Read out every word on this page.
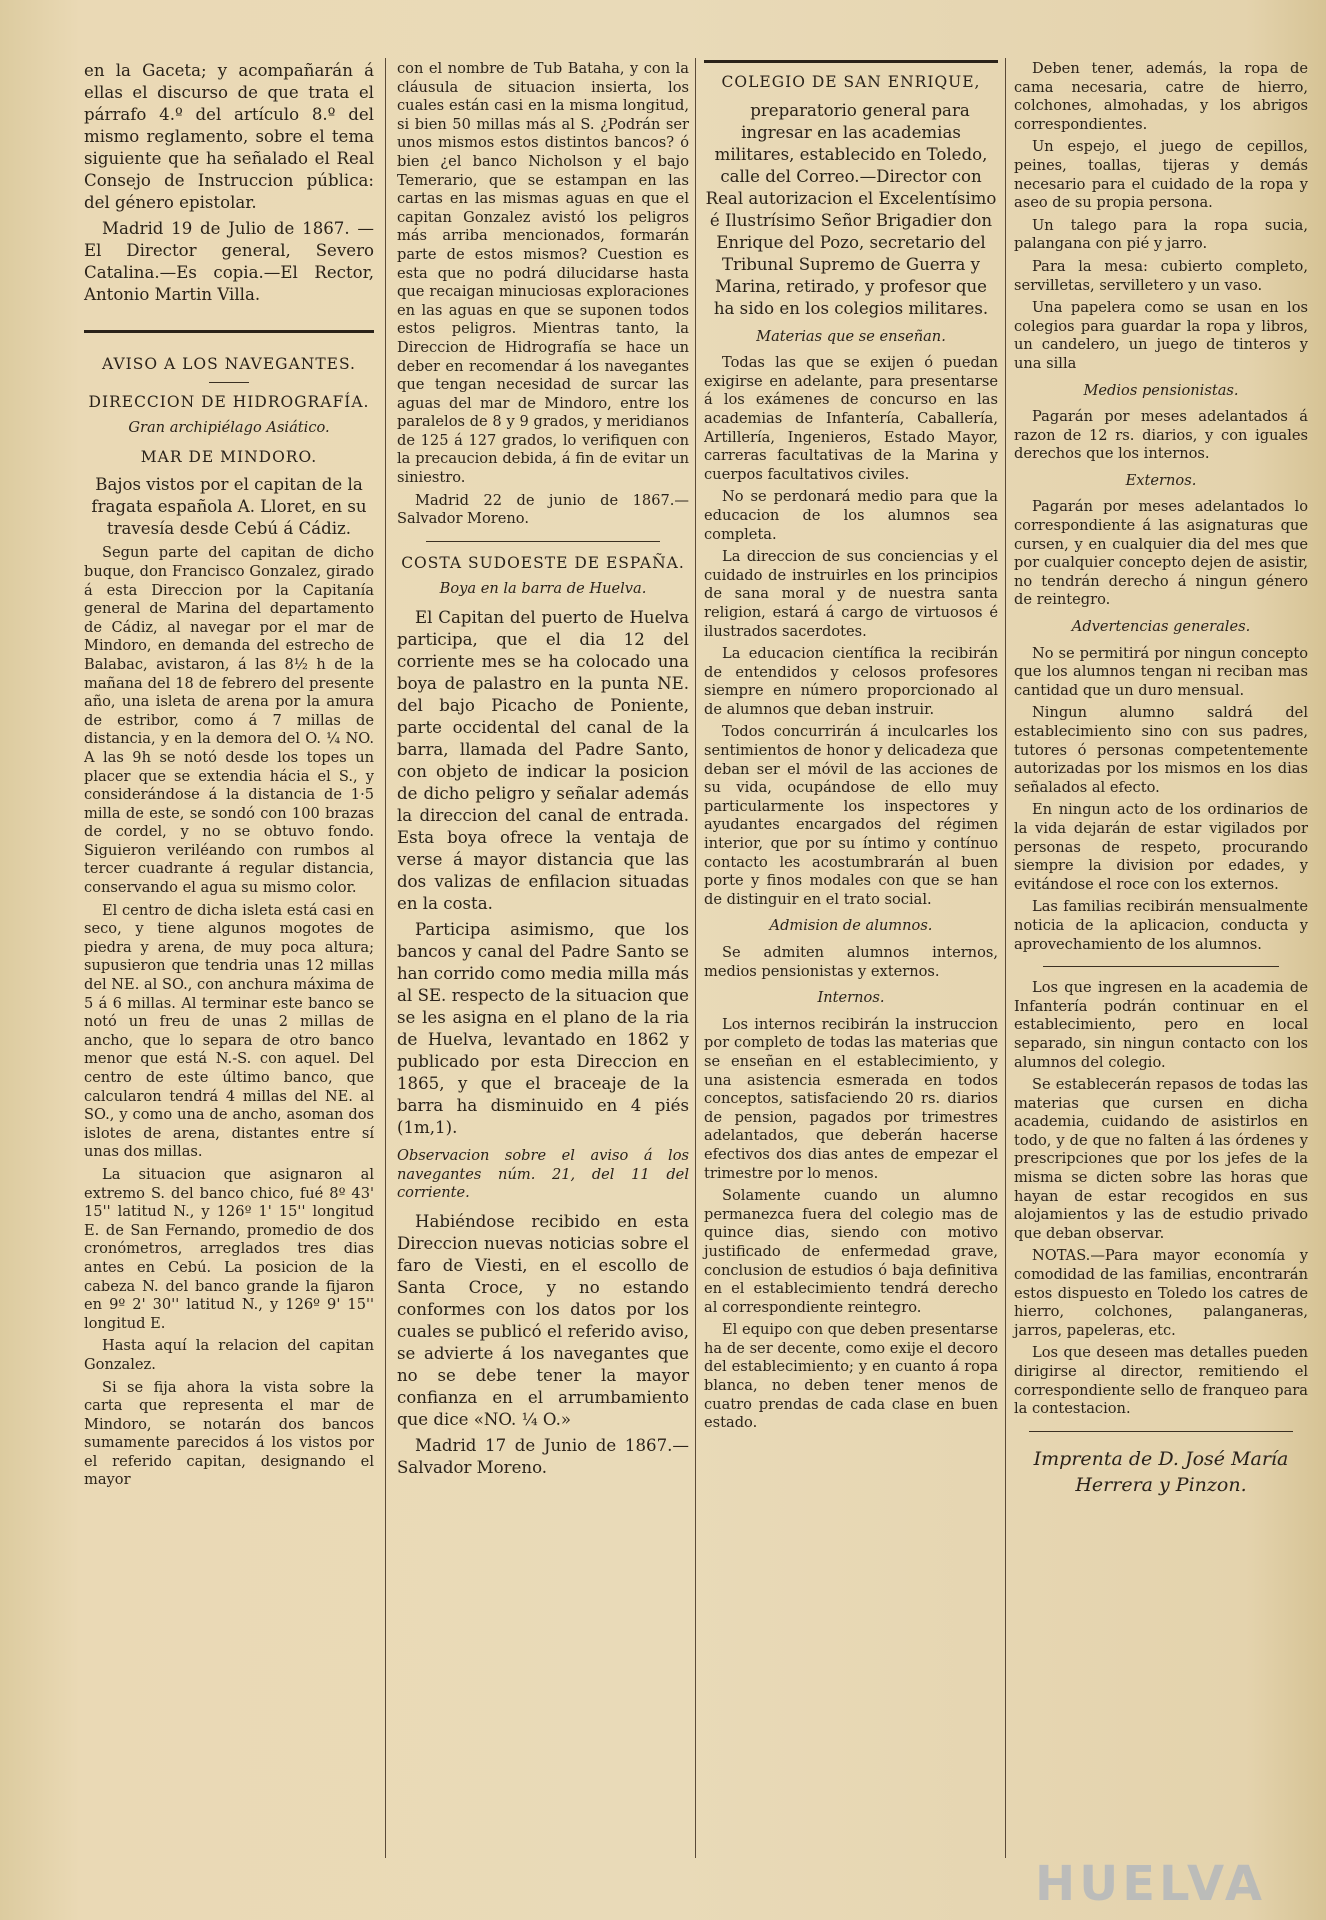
en la Gaceta; y acompañarán á ellas el discurso de que trata el párrafo 4.º del artículo 8.º del mismo reglamento, sobre el tema siguiente que ha señalado el Real Consejo de Instruccion pública: del género epistolar.

Madrid 19 de Julio de 1867. —El Director general, Severo Catalina.—Es copia.—El Rector, Antonio Martin Villa.

AVISO A LOS NAVEGANTES.
DIRECCION DE HIDROGRAFÍA.
Gran archipiélago Asiático.
MAR DE MINDORO.

Bajos vistos por el capitan de la fragata española A. Lloret, en su travesía desde Cebú á Cádiz.

Segun parte del capitan de dicho buque, don Francisco Gonzalez, girado á esta Direccion por la Capitanía general de Marina del departamento de Cádiz, al navegar por el mar de Mindoro, en demanda del estrecho de Balabac, avistaron, á las 8½ h de la mañana del 18 de febrero del presente año, una isleta de arena por la amura de estribor, como á 7 millas de distancia, y en la demora del O. ¼ NO. A las 9h se notó desde los topes un placer que se extendia hácia el S., y considerándose á la distancia de 1·5 milla de este, se sondó con 100 brazas de cordel, y no se obtuvo fondo. Siguieron veriléando con rumbos al tercer cuadrante á regular distancia, conservando el agua su mismo color.

El centro de dicha isleta está casi en seco, y tiene algunos mogotes de piedra y arena, de muy poca altura; supusieron que tendria unas 12 millas del NE. al SO., con anchura máxima de 5 á 6 millas. Al terminar este banco se notó un freu de unas 2 millas de ancho, que lo separa de otro banco menor que está N.-S. con aquel. Del centro de este último banco, que calcularon tendrá 4 millas del NE. al SO., y como una de ancho, asoman dos islotes de arena, distantes entre sí unas dos millas.

La situacion que asignaron al extremo S. del banco chico, fué 8º 43' 15'' latitud N., y 126º 1' 15'' longitud E. de San Fernando, promedio de dos cronómetros, arreglados tres dias antes en Cebú. La posicion de la cabeza N. del banco grande la fijaron en 9º 2' 30'' latitud N., y 126º 9' 15'' longitud E.

Hasta aquí la relacion del capitan Gonzalez.

Si se fija ahora la vista sobre la carta que representa el mar de Mindoro, se notarán dos bancos sumamente parecidos á los vistos por el referido capitan, designando el mayor

con el nombre de Tub Bataha, y con la cláusula de situacion insierta, los cuales están casi en la misma longitud, si bien 50 millas más al S. ¿Podrán ser unos mismos estos distintos bancos? ó bien ¿el banco Nicholson y el bajo Temerario, que se estampan en las cartas en las mismas aguas en que el capitan Gonzalez avistó los peligros más arriba mencionados, formarán parte de estos mismos? Cuestion es esta que no podrá dilucidarse hasta que recaigan minuciosas exploraciones en las aguas en que se suponen todos estos peligros. Mientras tanto, la Direccion de Hidrografía se hace un deber en recomendar á los navegantes que tengan necesidad de surcar las aguas del mar de Mindoro, entre los paralelos de 8 y 9 grados, y meridianos de 125 á 127 grados, lo verifiquen con la precaucion debida, á fin de evitar un siniestro.

Madrid 22 de junio de 1867.— Salvador Moreno.

COSTA SUDOESTE DE ESPAÑA.
Boya en la barra de Huelva.

El Capitan del puerto de Huelva participa, que el dia 12 del corriente mes se ha colocado una boya de palastro en la punta NE. del bajo Picacho de Poniente, parte occidental del canal de la barra, llamada del Padre Santo, con objeto de indicar la posicion de dicho peligro y señalar además la direccion del canal de entrada. Esta boya ofrece la ventaja de verse á mayor distancia que las dos valizas de enfilacion situadas en la costa.

Participa asimismo, que los bancos y canal del Padre Santo se han corrido como media milla más al SE. respecto de la situacion que se les asigna en el plano de la ria de Huelva, levantado en 1862 y publicado por esta Direccion en 1865, y que el braceaje de la barra ha disminuido en 4 piés (1m,1).

Observacion sobre el aviso á los navegantes núm. 21, del 11 del corriente.

Habiéndose recibido en esta Direccion nuevas noticias sobre el faro de Viesti, en el escollo de Santa Croce, y no estando conformes con los datos por los cuales se publicó el referido aviso, se advierte á los navegantes que no se debe tener la mayor confianza en el arrumbamiento que dice «NO. ¼ O.»

Madrid 17 de Junio de 1867.—Salvador Moreno.

COLEGIO DE SAN ENRIQUE,

preparatorio general para ingresar en las academias militares, establecido en Toledo, calle del Correo.—Director con Real autorizacion el Excelentísimo é Ilustrísimo Señor Brigadier don Enrique del Pozo, secretario del Tribunal Supremo de Guerra y Marina, retirado, y profesor que ha sido en los colegios militares.

Materias que se enseñan.

Todas las que se exijen ó puedan exigirse en adelante, para presentarse á los exámenes de concurso en las academias de Infantería, Caballería, Artillería, Ingenieros, Estado Mayor, carreras facultativas de la Marina y cuerpos facultativos civiles.

No se perdonará medio para que la educacion de los alumnos sea completa.

La direccion de sus conciencias y el cuidado de instruirles en los principios de sana moral y de nuestra santa religion, estará á cargo de virtuosos é ilustrados sacerdotes.

La educacion científica la recibirán de entendidos y celosos profesores siempre en número proporcionado al de alumnos que deban instruir.

Todos concurrirán á inculcarles los sentimientos de honor y delicadeza que deban ser el móvil de las acciones de su vida, ocupándose de ello muy particularmente los inspectores y ayudantes encargados del régimen interior, que por su íntimo y contínuo contacto les acostumbrarán al buen porte y finos modales con que se han de distinguir en el trato social.

Admision de alumnos.

Se admiten alumnos internos, medios pensionistas y externos.

Internos.

Los internos recibirán la instruccion por completo de todas las materias que se enseñan en el establecimiento, y una asistencia esmerada en todos conceptos, satisfaciendo 20 rs. diarios de pension, pagados por trimestres adelantados, que deberán hacerse efectivos dos dias antes de empezar el trimestre por lo menos.

Solamente cuando un alumno permanezca fuera del colegio mas de quince dias, siendo con motivo justificado de enfermedad grave, conclusion de estudios ó baja definitiva en el establecimiento tendrá derecho al correspondiente reintegro.

El equipo con que deben presentarse ha de ser decente, como exije el decoro del establecimiento; y en cuanto á ropa blanca, no deben tener menos de cuatro prendas de cada clase en buen estado.

Deben tener, además, la ropa de cama necesaria, catre de hierro, colchones, almohadas, y los abrigos correspondientes.

Un espejo, el juego de cepillos, peines, toallas, tijeras y demás necesario para el cuidado de la ropa y aseo de su propia persona.

Un talego para la ropa sucia, palangana con pié y jarro.

Para la mesa: cubierto completo, servilletas, servilletero y un vaso.

Una papelera como se usan en los colegios para guardar la ropa y libros, un candelero, un juego de tinteros y una silla

Medios pensionistas.

Pagarán por meses adelantados á razon de 12 rs. diarios, y con iguales derechos que los internos.

Externos.

Pagarán por meses adelantados lo correspondiente á las asignaturas que cursen, y en cualquier dia del mes que por cualquier concepto dejen de asistir, no tendrán derecho á ningun género de reintegro.

Advertencias generales.

No se permitirá por ningun concepto que los alumnos tengan ni reciban mas cantidad que un duro mensual.

Ningun alumno saldrá del establecimiento sino con sus padres, tutores ó personas competentemente autorizadas por los mismos en los dias señalados al efecto.

En ningun acto de los ordinarios de la vida dejarán de estar vigilados por personas de respeto, procurando siempre la division por edades, y evitándose el roce con los externos.

Las familias recibirán mensualmente noticia de la aplicacion, conducta y aprovechamiento de los alumnos.

Los que ingresen en la academia de Infantería podrán continuar en el establecimiento, pero en local separado, sin ningun contacto con los alumnos del colegio.

Se establecerán repasos de todas las materias que cursen en dicha academia, cuidando de asistirlos en todo, y de que no falten á las órdenes y prescripciones que por los jefes de la misma se dicten sobre las horas que hayan de estar recogidos en sus alojamientos y las de estudio privado que deban observar.

NOTAS.—Para mayor economía y comodidad de las familias, encontrarán estos dispuesto en Toledo los catres de hierro, colchones, palanganeras, jarros, papeleras, etc.

Los que deseen mas detalles pueden dirigirse al director, remitiendo el correspondiente sello de franqueo para la contestacion.

Imprenta de D. José María Herrera y Pinzon.
HUELVA
